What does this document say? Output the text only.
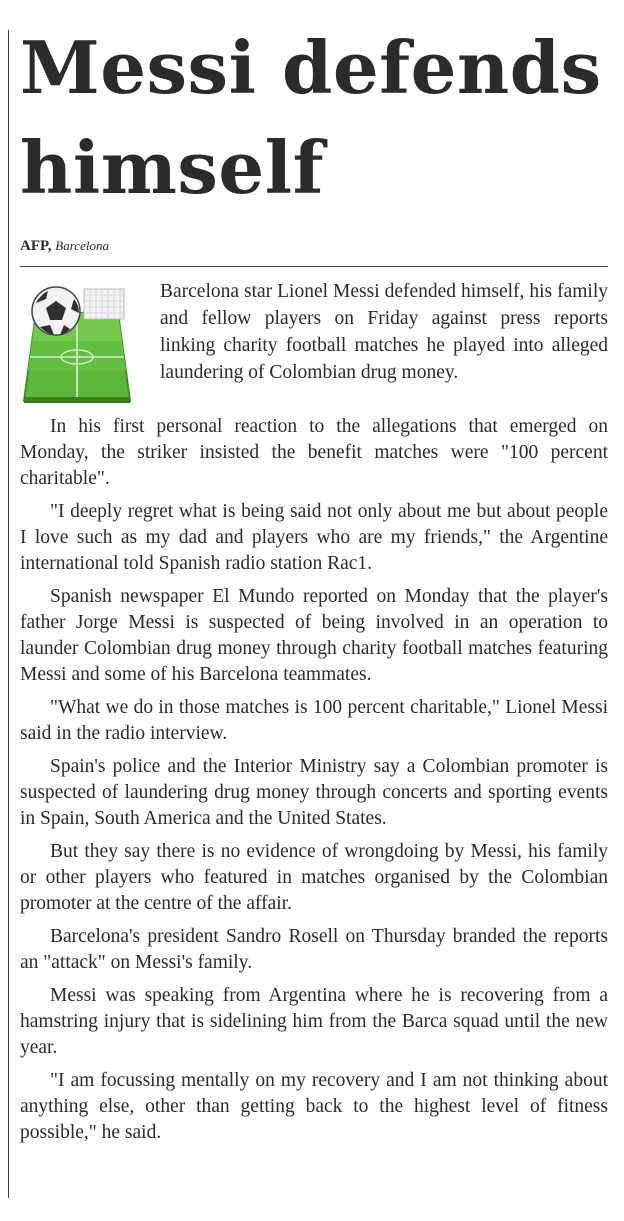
Messi defends himself
AFP, Barcelona

Barcelona star Lionel Messi defended himself, his family and fellow players on Friday against press reports linking charity football matches he played into alleged laundering of Colombian drug money.

In his first personal reaction to the allegations that emerged on Monday, the striker insisted the benefit matches were "100 percent charitable".

"I deeply regret what is being said not only about me but about people I love such as my dad and players who are my friends," the Argentine international told Spanish radio station Rac1.

Spanish newspaper El Mundo reported on Monday that the player's father Jorge Messi is suspected of being involved in an operation to launder Colombian drug money through charity football matches featuring Messi and some of his Barcelona teammates.

"What we do in those matches is 100 percent charitable," Lionel Messi said in the radio interview.

Spain's police and the Interior Ministry say a Colombian promoter is suspected of laundering drug money through concerts and sporting events in Spain, South America and the United States.

But they say there is no evidence of wrongdoing by Messi, his family or other players who featured in matches organised by the Colombian promoter at the centre of the affair.

Barcelona's president Sandro Rosell on Thursday branded the reports an "attack" on Messi's family.

Messi was speaking from Argentina where he is recovering from a hamstring injury that is sidelining him from the Barca squad until the new year.

"I am focussing mentally on my recovery and I am not thinking about anything else, other than getting back to the highest level of fitness possible," he said.
